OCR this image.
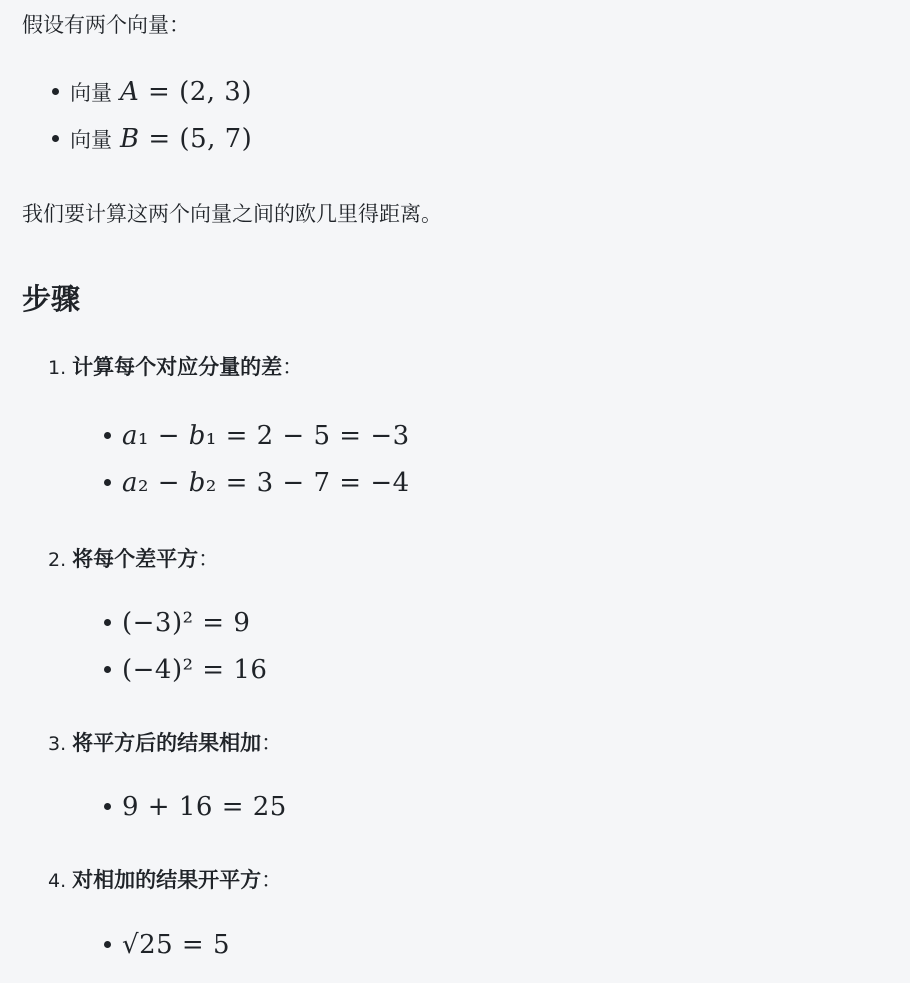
假设有两个向量：
向量 𝐴 = (2, 3)
向量 𝐵 = (5, 7)
我们要计算这两个向量之间的欧几里得距离。
步骤
1. 计算每个对应分量的差 ：
𝑎₁ − 𝑏₁ = 2 − 5 = −3
𝑎₂ − 𝑏₂ = 3 − 7 = −4
2. 将每个差平方 ：
(−3)² = 9
(−4)² = 16
3. 将平方后的结果相加 ：
9 + 16 = 25
4. 对相加的结果开平方 ：
√25 = 5
